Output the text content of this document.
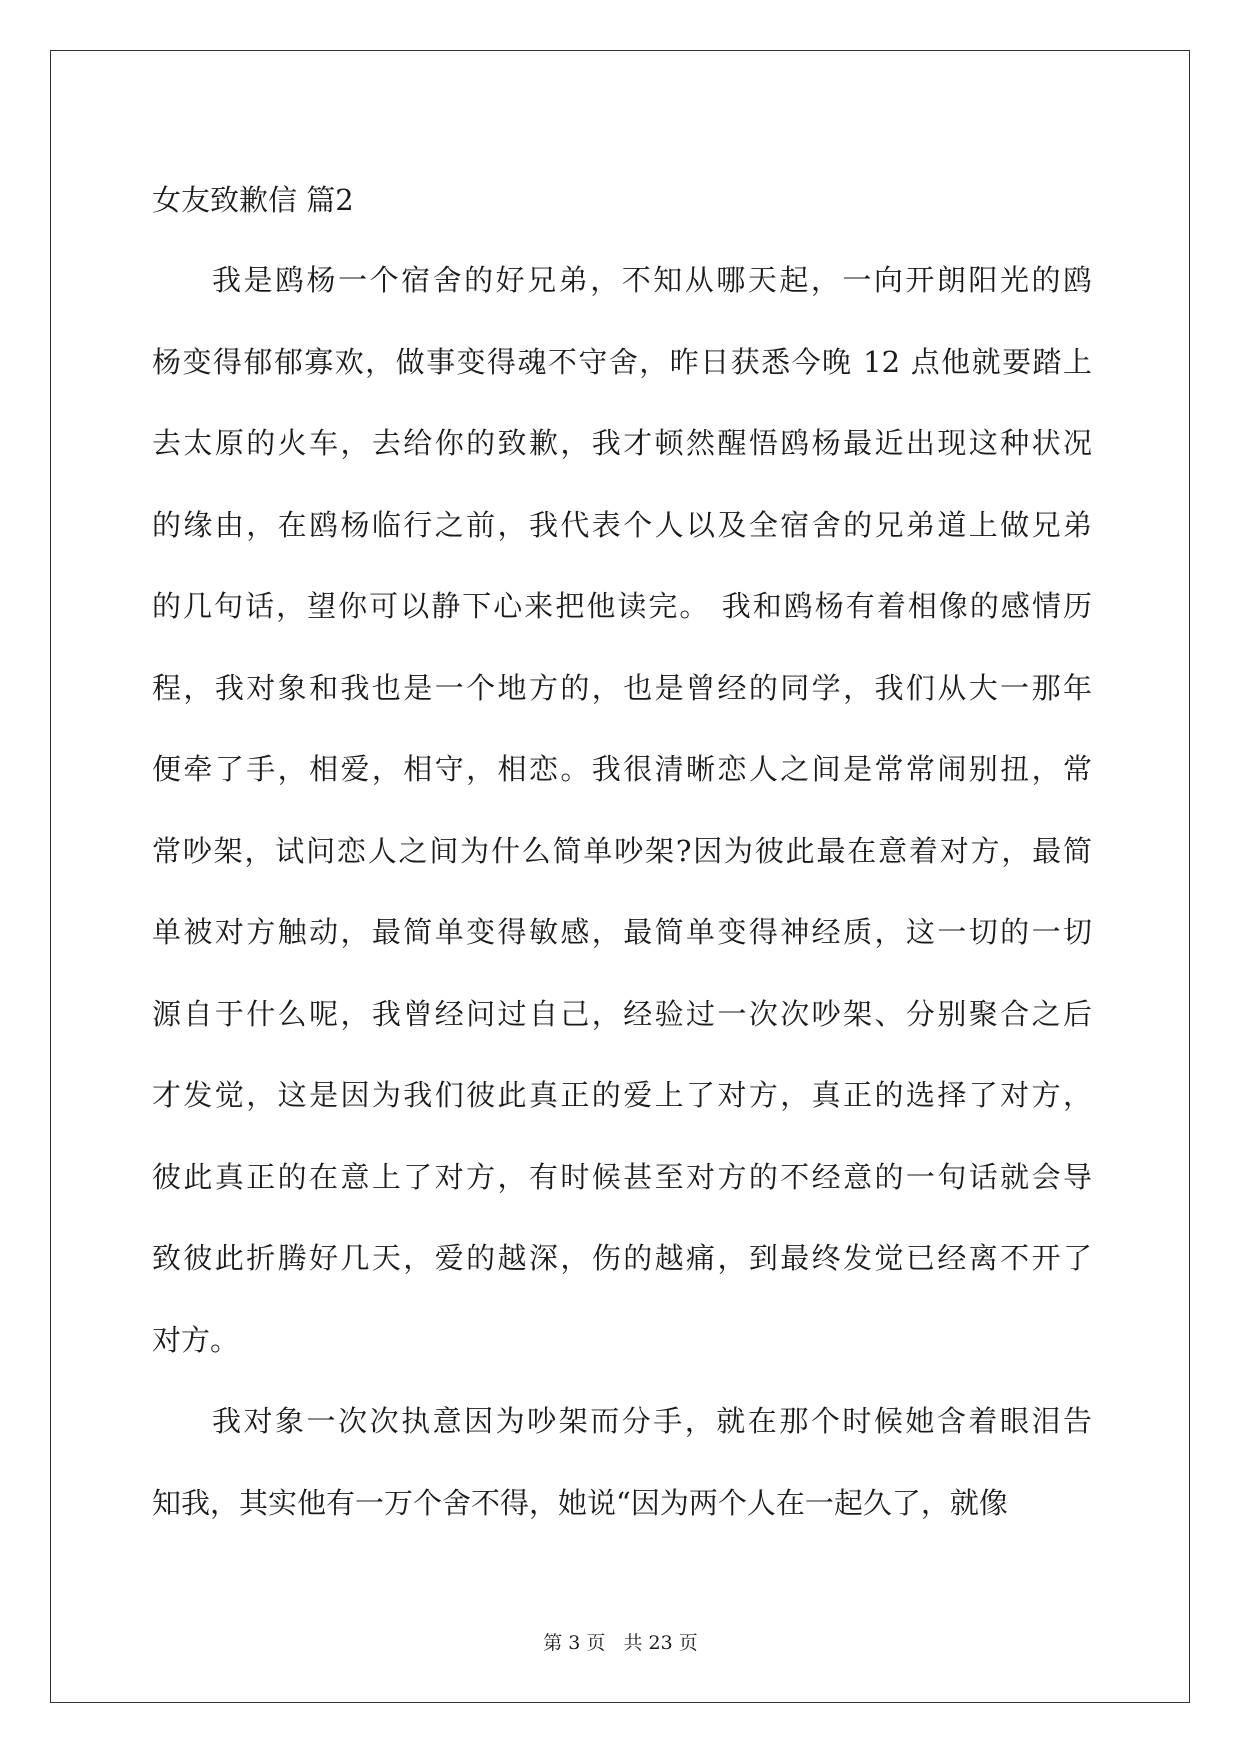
女友致歉信 篇2
我是鸥杨一个宿舍的好兄弟，不知从哪天起，一向开朗阳光的鸥
杨变得郁郁寡欢，做事变得魂不守舍，昨日获悉今晚 12 点他就要踏上
去太原的火车，去给你的致歉，我才顿然醒悟鸥杨最近出现这种状况
的缘由，在鸥杨临行之前，我代表个人以及全宿舍的兄弟道上做兄弟
的几句话，望你可以静下心来把他读完。 我和鸥杨有着相像的感情历
程，我对象和我也是一个地方的，也是曾经的同学，我们从大一那年
便牵了手，相爱，相守，相恋。我很清晰恋人之间是常常闹别扭，常
常吵架，试问恋人之间为什么简单吵架?因为彼此最在意着对方，最简
单被对方触动，最简单变得敏感，最简单变得神经质，这一切的一切
源自于什么呢，我曾经问过自己，经验过一次次吵架、分别聚合之后
才发觉，这是因为我们彼此真正的爱上了对方，真正的选择了对方，
彼此真正的在意上了对方，有时候甚至对方的不经意的一句话就会导
致彼此折腾好几天，爱的越深，伤的越痛，到最终发觉已经离不开了
对方。
我对象一次次执意因为吵架而分手，就在那个时候她含着眼泪告
知我，其实他有一万个舍不得，她说“因为两个人在一起久了，就像
第 3 页 共 23 页
